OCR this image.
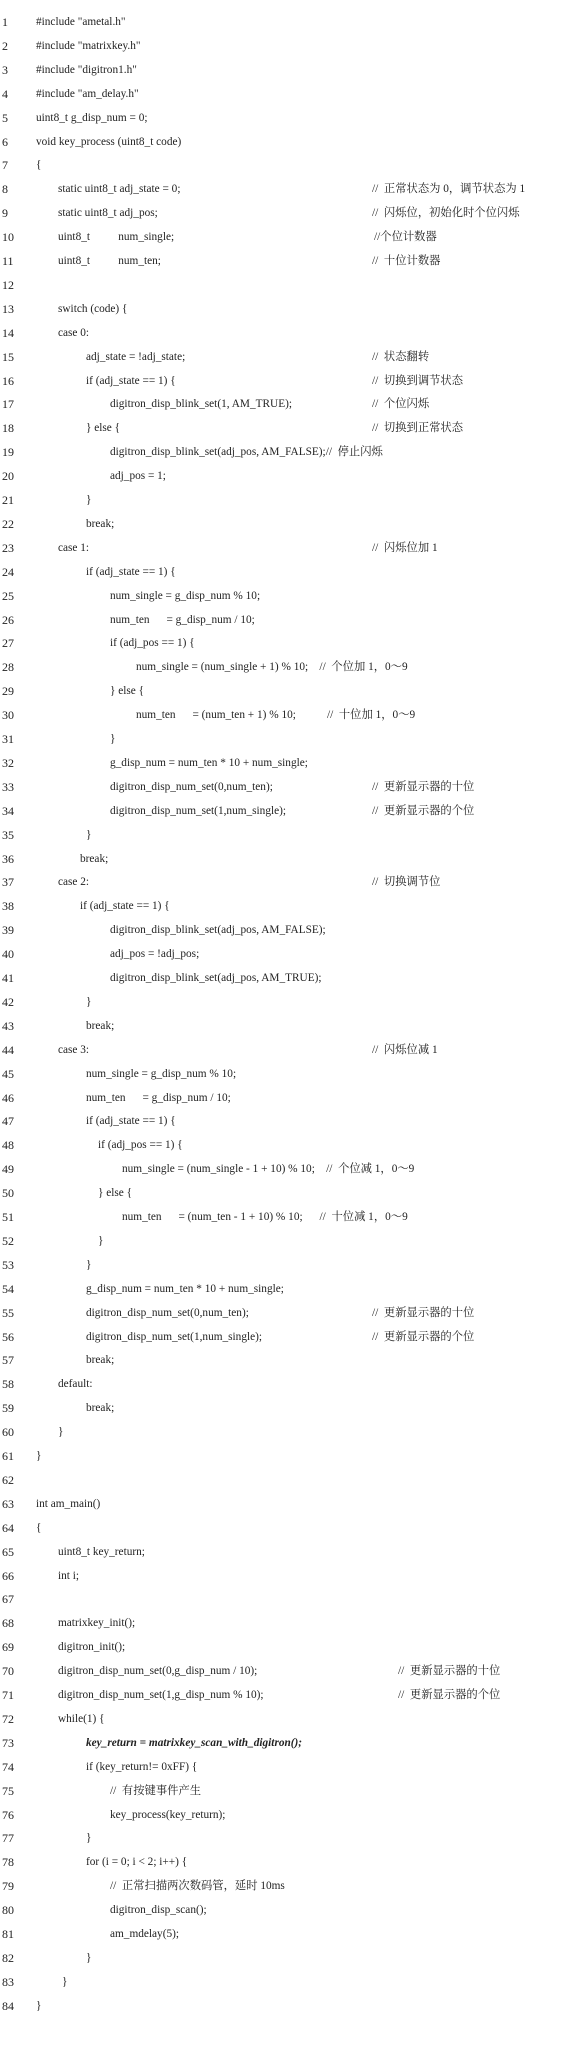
1 #include "ametal.h"
2 #include "matrixkey.h"
3 #include "digitron1.h"
4 #include "am_delay.h"
5 uint8_t g_disp_num = 0;
6 void key_process (uint8_t code)
7 {
8	static uint8_t adj_state = 0;	//  正常状态为 0，调节状态为 1
9	static uint8_t adj_pos;	//  闪烁位，初始化时个位闪烁
10	uint8_t          num_single;	//个位计数器
11	uint8_t          num_ten;	//  十位计数器
12
13	switch (code) {
14	case 0:
15	adj_state = !adj_state;	//  状态翻转
16	if (adj_state == 1) {	//  切换到调节状态
17	digitron_disp_blink_set(1, AM_TRUE);	//  个位闪烁
18	} else {	//  切换到正常状态
19	digitron_disp_blink_set(adj_pos, AM_FALSE);//  停止闪烁
20	adj_pos = 1;
21	}
22	break;
23	case 1:	//  闪烁位加 1
24	if (adj_state == 1) {
25	num_single = g_disp_num % 10;
26	num_ten      = g_disp_num / 10;
27	if (adj_pos == 1) {
28	num_single = (num_single + 1) % 10;    //  个位加 1，0～9
29	} else {
30	num_ten      = (num_ten + 1) % 10;           //  十位加 1，0～9
31	}
32	g_disp_num = num_ten * 10 + num_single;
33	digitron_disp_num_set(0,num_ten);	//  更新显示器的十位
34	digitron_disp_num_set(1,num_single);	//  更新显示器的个位
35	}
36	break;
37	case 2:	//  切换调节位
38	if (adj_state == 1) {
39	digitron_disp_blink_set(adj_pos, AM_FALSE);
40	adj_pos = !adj_pos;
41	digitron_disp_blink_set(adj_pos, AM_TRUE);
42	}
43	break;
44	case 3:	//  闪烁位减 1
45	num_single = g_disp_num % 10;
46	num_ten      = g_disp_num / 10;
47	if (adj_state == 1) {
48	if (adj_pos == 1) {
49	num_single = (num_single - 1 + 10) % 10;    //  个位减 1，0～9
50	} else {
51	num_ten      = (num_ten - 1 + 10) % 10;      //  十位减 1，0～9
52	}
53	}
54	g_disp_num = num_ten * 10 + num_single;
55	digitron_disp_num_set(0,num_ten);	//  更新显示器的十位
56	digitron_disp_num_set(1,num_single);	//  更新显示器的个位
57	break;
58	default:
59	break;
60	}
61 }
62
63 int am_main()
64 {
65	uint8_t key_return;
66	int i;
67
68	matrixkey_init();
69	digitron_init();
70	digitron_disp_num_set(0,g_disp_num / 10);	//  更新显示器的十位
71	digitron_disp_num_set(1,g_disp_num % 10);	//  更新显示器的个位
72	while(1) {
73	key_return = matrixkey_scan_with_digitron();
74	if (key_return!= 0xFF) {
75	//  有按键事件产生
76	key_process(key_return);
77	}
78	for (i = 0; i < 2; i++) {
79	//  正常扫描两次数码管，延时 10ms
80	digitron_disp_scan();
81	am_mdelay(5);
82	}
83	}
84 }
